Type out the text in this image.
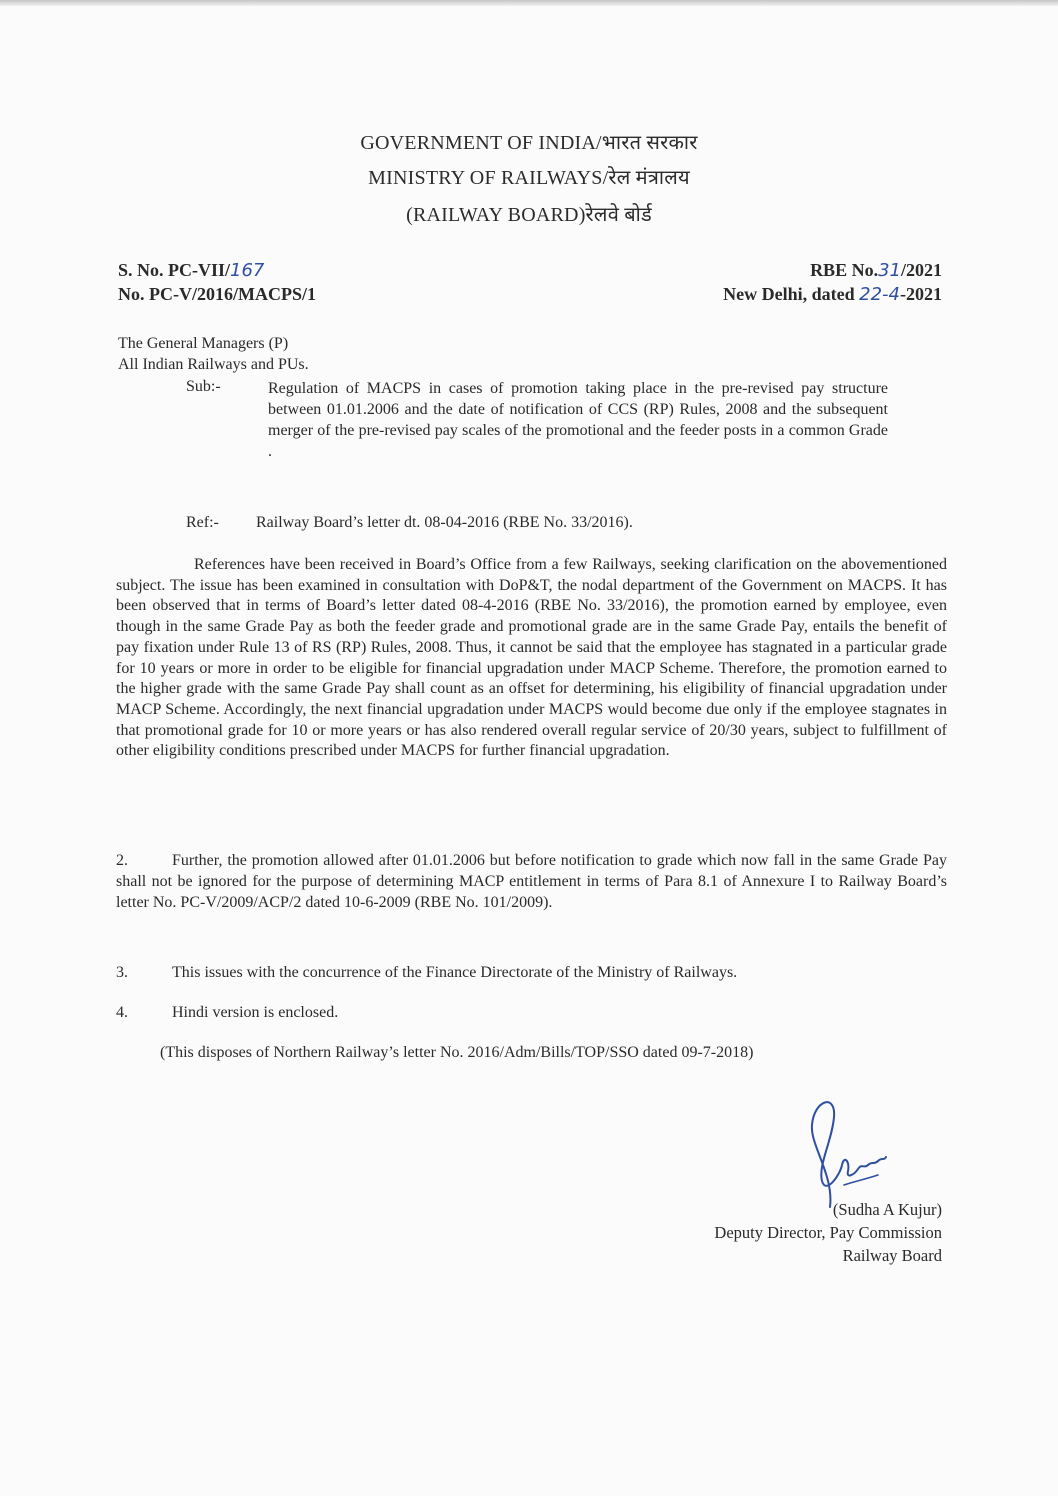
GOVERNMENT OF INDIA/भारत सरकार
MINISTRY OF RAILWAYS/रेल मंत्रालय
(RAILWAY BOARD)रेलवे बोर्ड
S. No. PC-VII/167
No. PC-V/2016/MACPS/1
RBE No.31/2021
New Delhi, dated 22-4-2021
The General Managers (P)
All Indian Railways and PUs.
Sub:-	Regulation of MACPS in cases of promotion taking place in the pre-revised pay structure between 01.01.2006 and the date of notification of CCS (RP) Rules, 2008 and the subsequent merger of the pre-revised pay scales of the promotional and the feeder posts in a common Grade .
Ref:- Railway Board’s letter dt. 08-04-2016 (RBE No. 33/2016).
References have been received in Board’s Office from a few Railways, seeking clarification on the abovementioned subject. The issue has been examined in consultation with DoP&T, the nodal department of the Government on MACPS. It has been observed that in terms of Board’s letter dated 08-4-2016 (RBE No. 33/2016), the promotion earned by employee, even though in the same Grade Pay as both the feeder grade and promotional grade are in the same Grade Pay, entails the benefit of pay fixation under Rule 13 of RS (RP) Rules, 2008. Thus, it cannot be said that the employee has stagnated in a particular grade for 10 years or more in order to be eligible for financial upgradation under MACP Scheme. Therefore, the promotion earned to the higher grade with the same Grade Pay shall count as an offset for determining, his eligibility of financial upgradation under MACP Scheme. Accordingly, the next financial upgradation under MACPS would become due only if the employee stagnates in that promotional grade for 10 or more years or has also rendered overall regular service of 20/30 years, subject to fulfillment of other eligibility conditions prescribed under MACPS for further financial upgradation.
2.	Further, the promotion allowed after 01.01.2006 but before notification to grade which now fall in the same Grade Pay shall not be ignored for the purpose of determining MACP entitlement in terms of Para 8.1 of Annexure I to Railway Board’s letter No. PC-V/2009/ACP/2 dated 10-6-2009 (RBE No. 101/2009).
3.	This issues with the concurrence of the Finance Directorate of the Ministry of Railways.
4.	Hindi version is enclosed.
(This disposes of Northern Railway’s letter No. 2016/Adm/Bills/TOP/SSO dated 09-7-2018)
(Sudha A Kujur)
Deputy Director, Pay Commission
Railway Board
